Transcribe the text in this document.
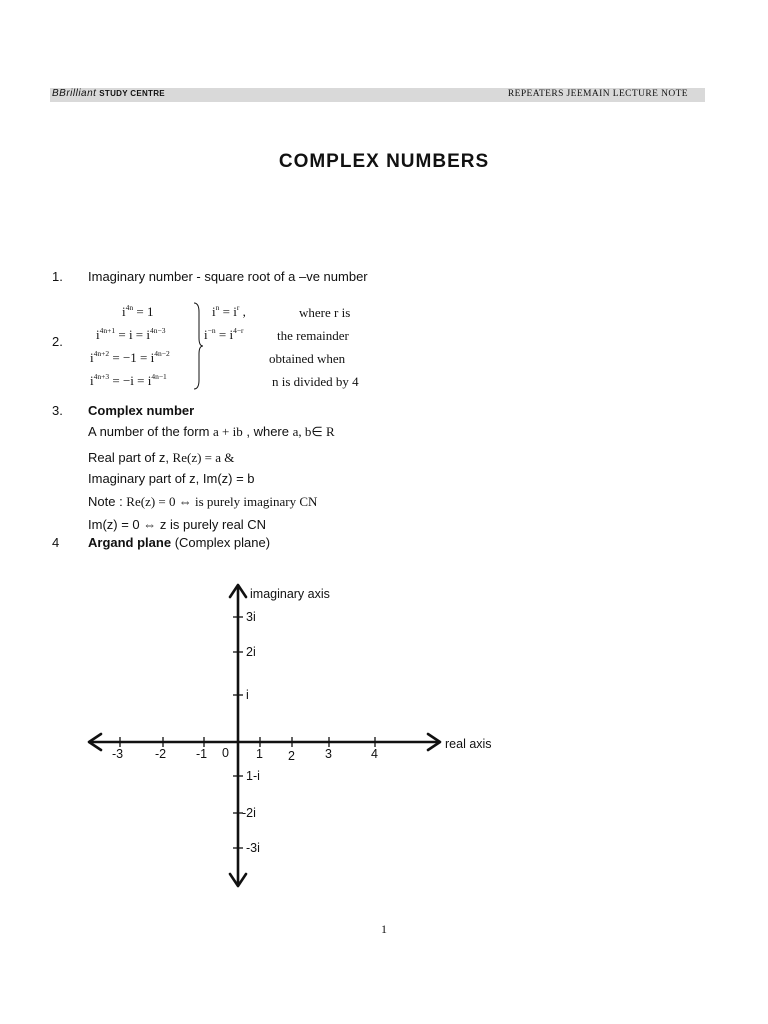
BBrilliant STUDY CENTRE	REPEATERS JEEMAIN LECTURE NOTE
COMPLEX NUMBERS
1. Imaginary number - square root of a –ve number
2.
$i^{4n} = 1$
$i^{4n+1} = i = i^{4n-3}$
$i^{4n+2} = -1 = i^{4n-2}$
$i^{4n+3} = -i = i^{4n-1}$
$i^n = i^r$ ,
$i^{-n} = i^{4-r}$
where r is
the remainder
obtained when
n is divided by 4
3. Complex number
A number of the form a + ib , where a, b∈ R
Real part of z, Re(z) = a &
Imaginary part of z, Im(z) = b
Note : Re(z) = 0 ⇔ is purely imaginary CN
Im(z) = 0 ⇔ z is purely real CN
4 Argand plane (Complex plane)
imaginary axis
real axis
0
-3	-2 -1	1 2 3	4
3i
2i
i
1-i
-2i
-3i
1
